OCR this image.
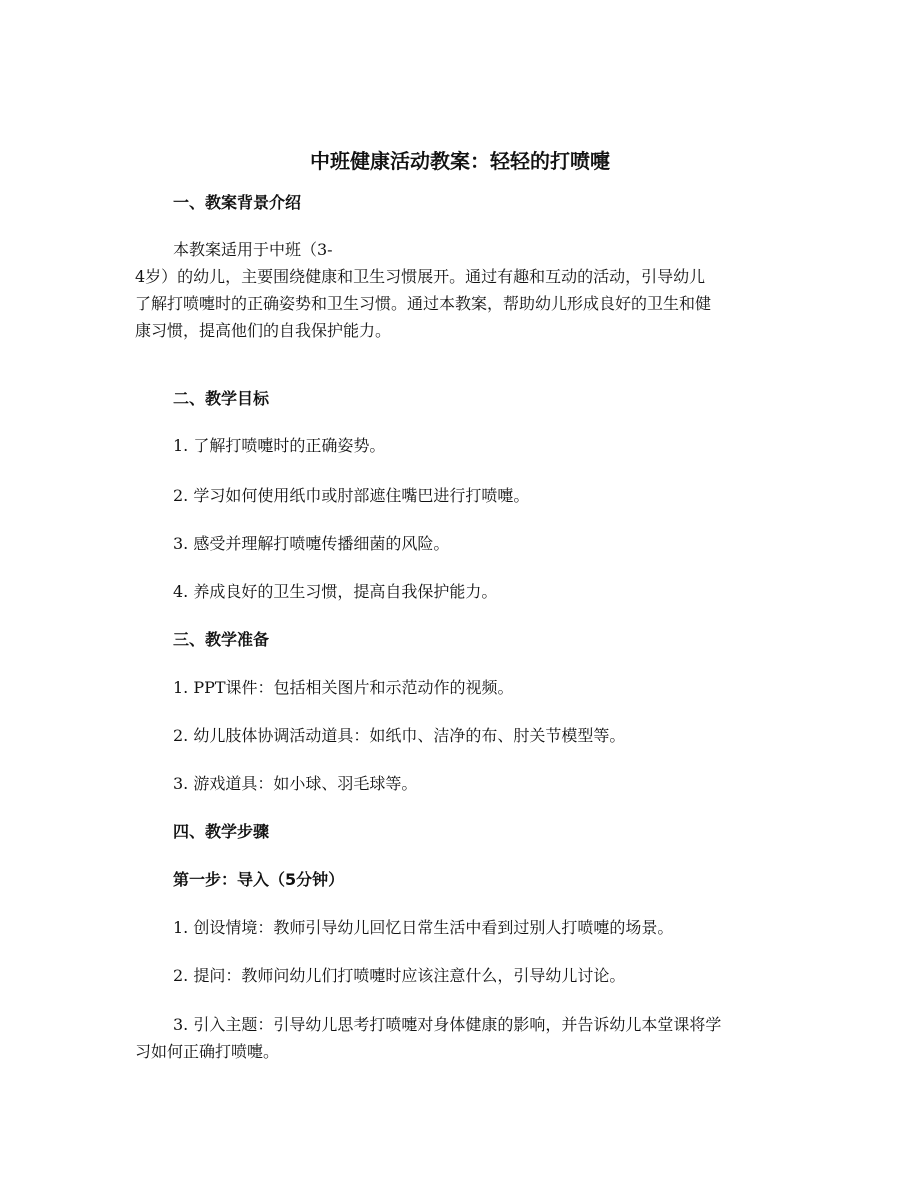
中班健康活动教案：轻轻的打喷嚏
一、教案背景介绍
本教案适用于中班（3-
4岁）的幼儿，主要围绕健康和卫生习惯展开。通过有趣和互动的活动，引导幼儿
了解打喷嚏时的正确姿势和卫生习惯。通过本教案，帮助幼儿形成良好的卫生和健
康习惯，提高他们的自我保护能力。
二、教学目标
1. 了解打喷嚏时的正确姿势。
2. 学习如何使用纸巾或肘部遮住嘴巴进行打喷嚏。
3. 感受并理解打喷嚏传播细菌的风险。
4. 养成良好的卫生习惯，提高自我保护能力。
三、教学准备
1. PPT课件：包括相关图片和示范动作的视频。
2. 幼儿肢体协调活动道具：如纸巾、洁净的布、肘关节模型等。
3. 游戏道具：如小球、羽毛球等。
四、教学步骤
第一步：导入（5分钟）
1. 创设情境：教师引导幼儿回忆日常生活中看到过别人打喷嚏的场景。
2. 提问：教师问幼儿们打喷嚏时应该注意什么，引导幼儿讨论。
3. 引入主题：引导幼儿思考打喷嚏对身体健康的影响，并告诉幼儿本堂课将学
习如何正确打喷嚏。
